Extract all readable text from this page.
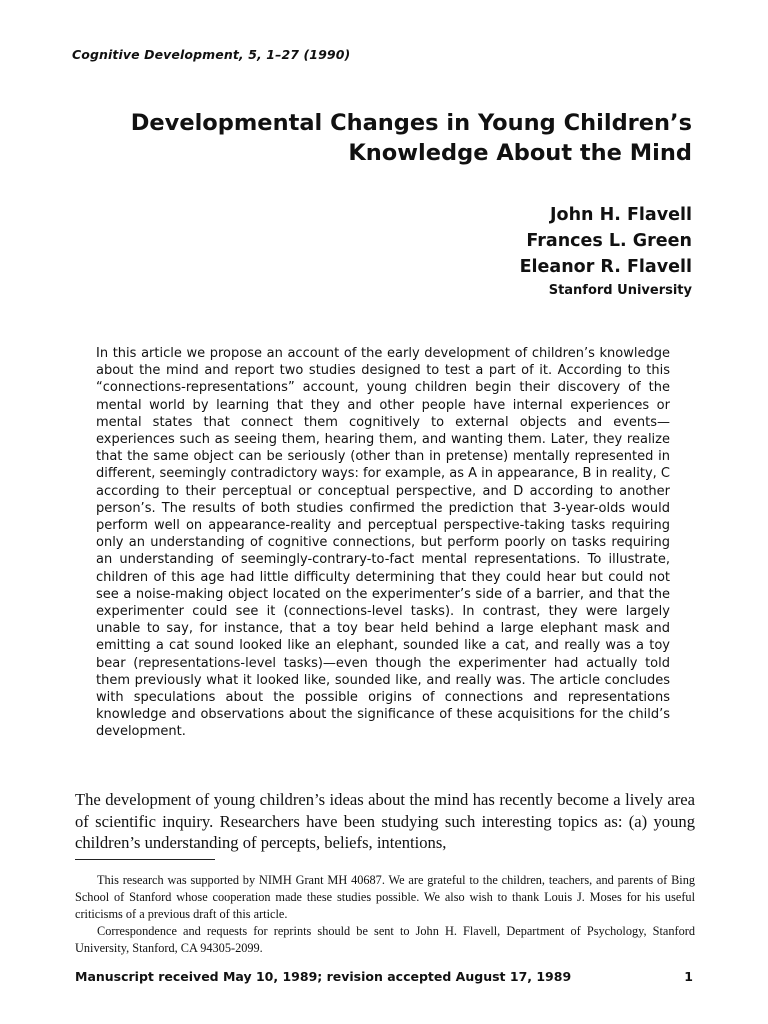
Cognitive Development, 5, 1–27 (1990)
Developmental Changes in Young Children’s
Knowledge About the Mind
John H. Flavell
Frances L. Green
Eleanor R. Flavell
Stanford University

In this article we propose an account of the early development of children’s knowledge about the mind and report two studies designed to test a part of it. According to this “connections-representations” account, young children begin their discovery of the mental world by learning that they and other people have internal experiences or mental states that connect them cognitively to external objects and events—experiences such as seeing them, hearing them, and wanting them. Later, they realize that the same object can be seriously (other than in pretense) mentally represented in different, seemingly contradictory ways: for example, as A in appearance, B in reality, C according to their perceptual or conceptual perspective, and D according to another person’s. The results of both studies confirmed the prediction that 3-year-olds would perform well on appearance-reality and perceptual perspective-taking tasks requiring only an understanding of cognitive connections, but perform poorly on tasks requiring an understanding of seemingly-contrary-to-fact mental representations. To illustrate, children of this age had little difficulty determining that they could hear but could not see a noise-making object located on the experimenter’s side of a barrier, and that the experimenter could see it (connections-level tasks). In contrast, they were largely unable to say, for instance, that a toy bear held behind a large elephant mask and emitting a cat sound looked like an elephant, sounded like a cat, and really was a toy bear (representations-level tasks)—even though the experimenter had actually told them previously what it looked like, sounded like, and really was. The article concludes with speculations about the possible origins of connections and representations knowledge and observations about the significance of these acquisitions for the child’s development.

The development of young children’s ideas about the mind has recently become a lively area of scientific inquiry. Researchers have been studying such interesting topics as: (a) young children’s understanding of percepts, beliefs, intentions,

This research was supported by NIMH Grant MH 40687. We are grateful to the children, teachers, and parents of Bing School of Stanford whose cooperation made these studies possible. We also wish to thank Louis J. Moses for his useful criticisms of a previous draft of this article.

Correspondence and requests for reprints should be sent to John H. Flavell, Department of Psychology, Stanford University, Stanford, CA 94305-2099.

Manuscript received May 10, 1989; revision accepted August 17, 1989	1
